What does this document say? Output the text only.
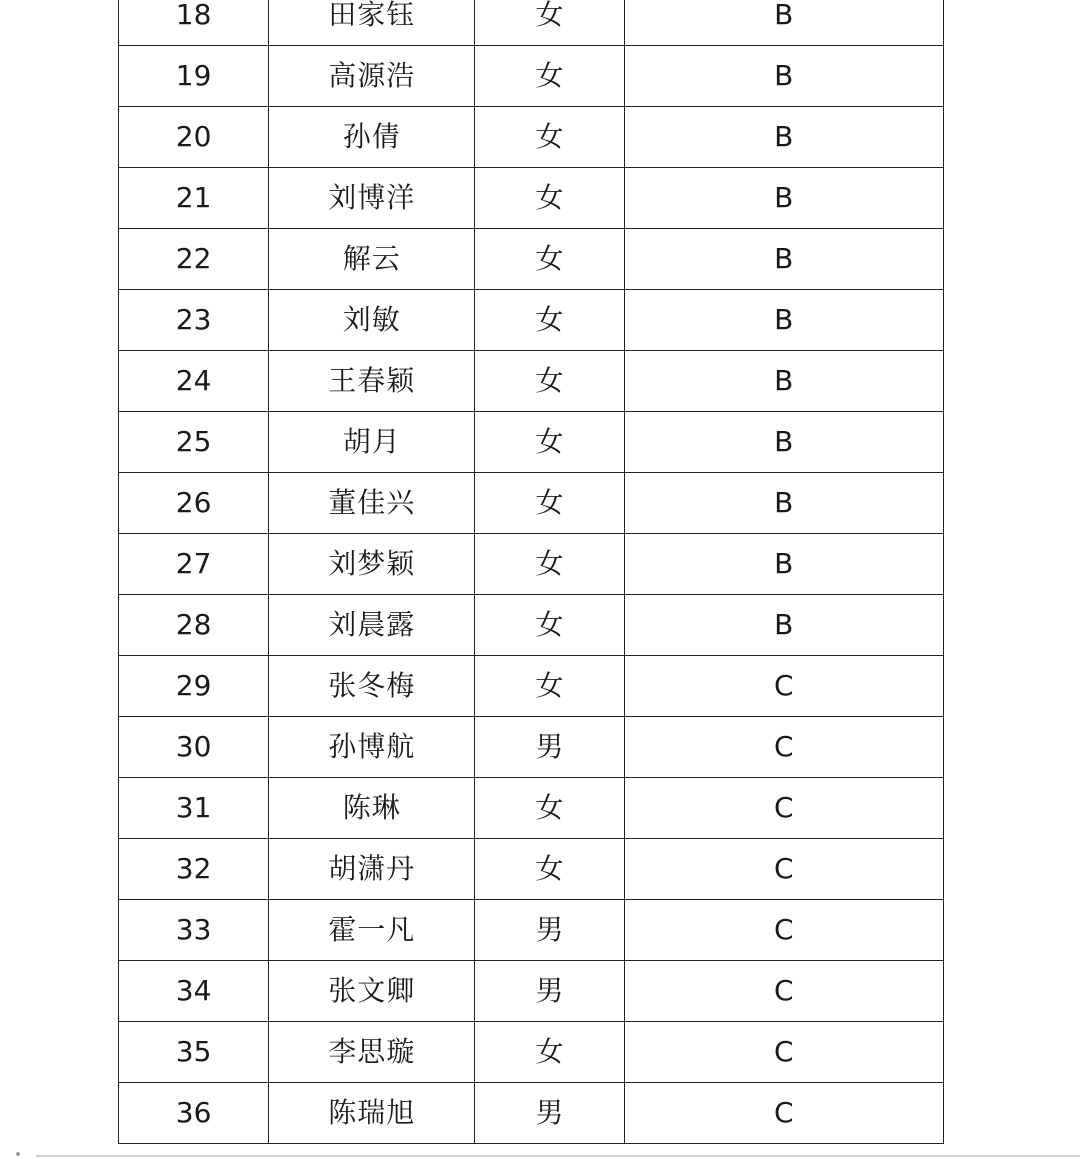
18	田家钰	女	B
19	高源浩	女	B
20	孙倩	女	B
21	刘博洋	女	B
22	解云	女	B
23	刘敏	女	B
24	王春颖	女	B
25	胡月	女	B
26	董佳兴	女	B
27	刘梦颖	女	B
28	刘晨露	女	B
29	张冬梅	女	C
30	孙博航	男	C
31	陈琳	女	C
32	胡潇丹	女	C
33	霍一凡	男	C
34	张文卿	男	C
35	李思璇	女	C
36	陈瑞旭	男	C
